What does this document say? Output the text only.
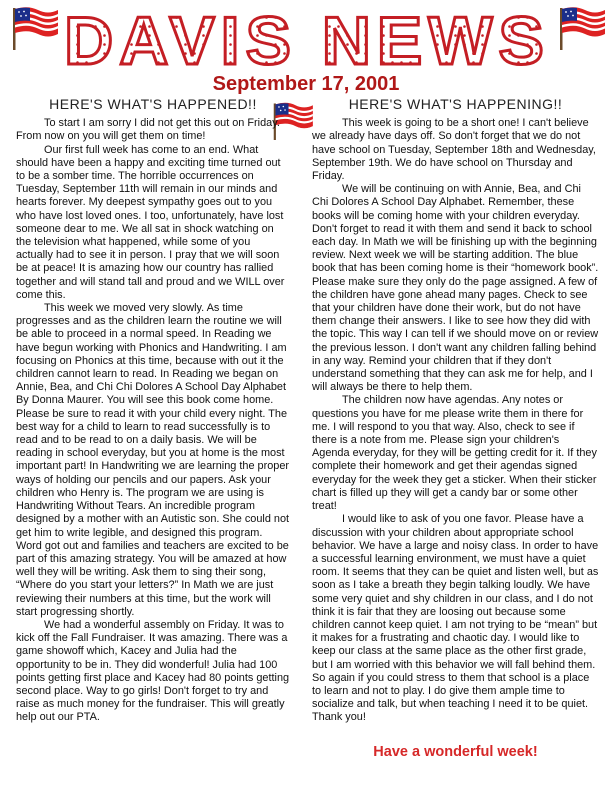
DAVIS NEWS
September 17, 2001
HERE'S WHAT'S HAPPENED!!

To start I am sorry I did not get this out on Friday. From now on you will get them on time!

Our first full week has come to an end. What should have been a happy and exciting time turned out to be a somber time. The horrible occurrences on Tuesday, September 11th will remain in our minds and hearts forever. My deepest sympathy goes out to you who have lost loved ones. I too, unfortunately, have lost someone dear to me. We all sat in shock watching on the television what happened, while some of you actually had to see it in person. I pray that we will soon be at peace! It is amazing how our country has rallied together and will stand tall and proud and we WILL over come this.

This week we moved very slowly. As time progresses and as the children learn the routine we will be able to proceed in a normal speed. In Reading we have begun working with Phonics and Handwriting. I am focusing on Phonics at this time, because with out it the children cannot learn to read. In Reading we began on Annie, Bea, and Chi Chi Dolores A School Day Alphabet By Donna Maurer. You will see this book come home. Please be sure to read it with your child every night. The best way for a child to learn to read successfully is to read and to be read to on a daily basis. We will be reading in school everyday, but you at home is the most important part! In Handwriting we are learning the proper ways of holding our pencils and our papers. Ask your children who Henry is. The program we are using is Handwriting Without Tears. An incredible program designed by a mother with an Autistic son. She could not get him to write legible, and designed this program. Word got out and families and teachers are excited to be part of this amazing strategy. You will be amazed at how well they will be writing. Ask them to sing their song, “Where do you start your letters?” In Math we are just reviewing their numbers at this time, but the work will start progressing shortly.

We had a wonderful assembly on Friday. It was to kick off the Fall Fundraiser. It was amazing. There was a game showoff which, Kacey and Julia had the opportunity to be in. They did wonderful! Julia had 100 points getting first place and Kacey had 80 points getting second place. Way to go girls! Don't forget to try and raise as much money for the fundraiser. This will greatly help out our PTA.

HERE'S WHAT'S HAPPENING!!

This week is going to be a short one! I can't believe we already have days off. So don't forget that we do not have school on Tuesday, September 18th and Wednesday, September 19th. We do have school on Thursday and Friday.

We will be continuing on with Annie, Bea, and Chi Chi Dolores A School Day Alphabet. Remember, these books will be coming home with your children everyday. Don't forget to read it with them and send it back to school each day. In Math we will be finishing up with the beginning review. Next week we will be starting addition. The blue book that has been coming home is their “homework book”. Please make sure they only do the page assigned. A few of the children have gone ahead many pages. Check to see that your children have done their work, but do not have them change their answers. I like to see how they did with the topic. This way I can tell if we should move on or review the previous lesson. I don't want any children falling behind in any way. Remind your children that if they don't understand something that they can ask me for help, and I will always be there to help them.

The children now have agendas. Any notes or questions you have for me please write them in there for me. I will respond to you that way. Also, check to see if there is a note from me. Please sign your children's Agenda everyday, for they will be getting credit for it. If they complete their homework and get their agendas signed everyday for the week they get a sticker. When their sticker chart is filled up they will get a candy bar or some other treat!

I would like to ask of you one favor. Please have a discussion with your children about appropriate school behavior. We have a large and noisy class. In order to have a successful learning environment, we must have a quiet room. It seems that they can be quiet and listen well, but as soon as I take a breath they begin talking loudly. We have some very quiet and shy children in our class, and I do not think it is fair that they are loosing out because some children cannot keep quiet. I am not trying to be “mean” but it makes for a frustrating and chaotic day. I would like to keep our class at the same place as the other first grade, but I am worried with this behavior we will fall behind them. So again if you could stress to them that school is a place to learn and not to play. I do give them ample time to socialize and talk, but when teaching I need it to be quiet. Thank you!

Have a wonderful week!
